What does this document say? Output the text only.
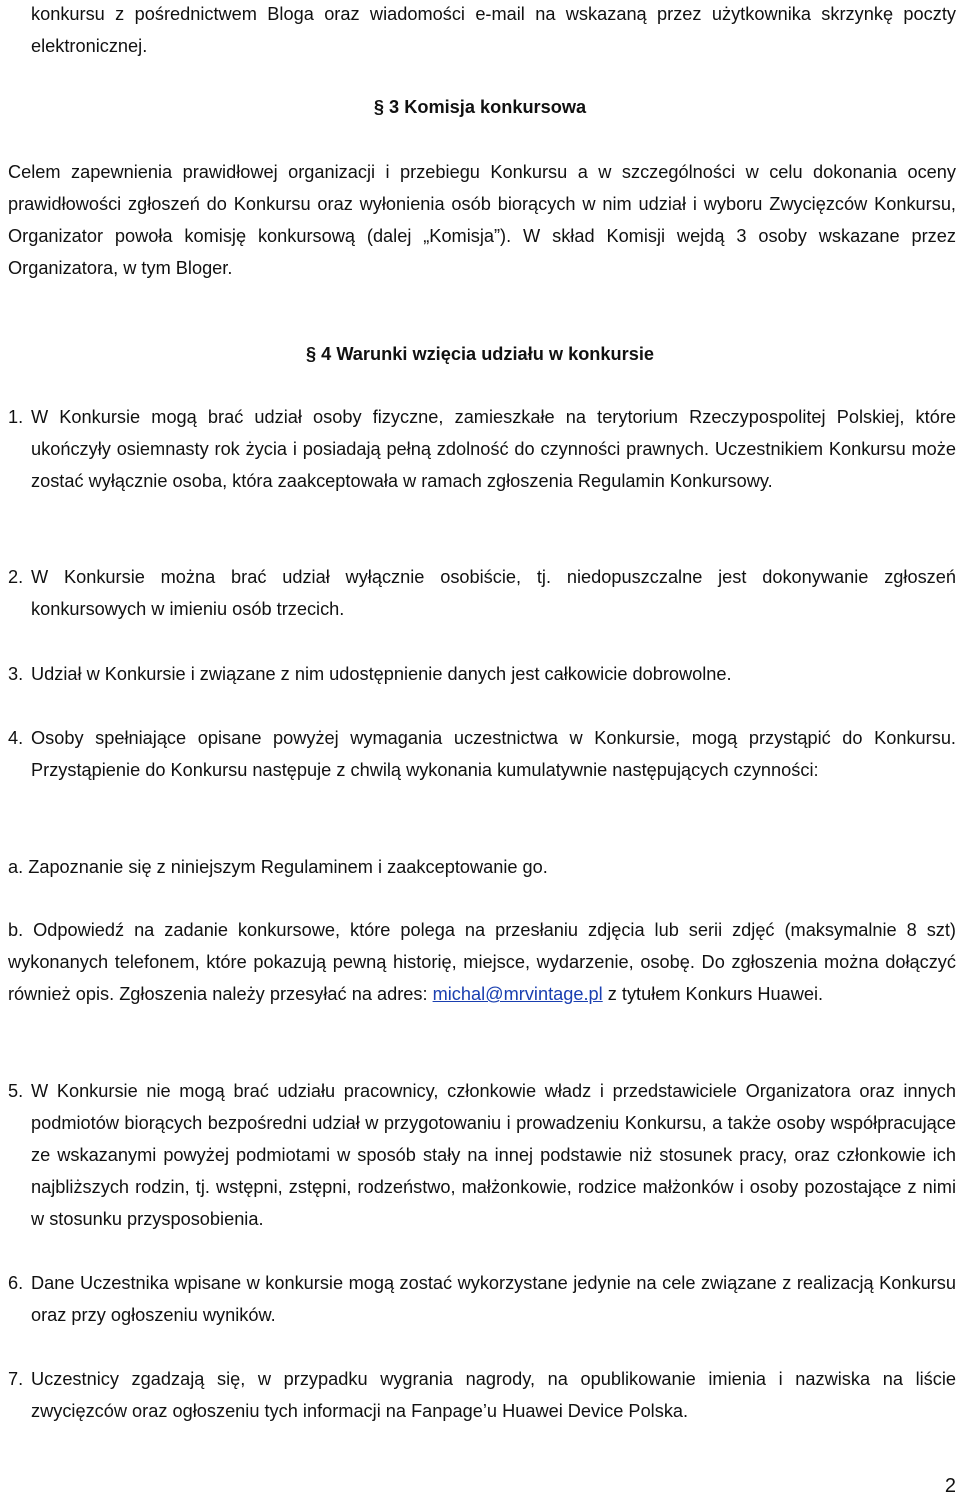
konkursu z pośrednictwem Bloga oraz wiadomości e-mail na wskazaną przez użytkownika skrzynkę poczty elektronicznej.

§ 3 Komisja konkursowa

Celem zapewnienia prawidłowej organizacji i przebiegu Konkursu a w szczególności w celu dokonania oceny prawidłowości zgłoszeń do Konkursu oraz wyłonienia osób biorących w nim udział i wyboru Zwycięzców Konkursu, Organizator powoła komisję konkursową (dalej „Komisja”). W skład Komisji wejdą 3 osoby wskazane przez Organizatora, w tym Bloger.

§ 4 Warunki wzięcia udziału w konkursie
1. W Konkursie mogą brać udział osoby fizyczne, zamieszkałe na terytorium Rzeczypospolitej Polskiej, które ukończyły osiemnasty rok życia i posiadają pełną zdolność do czynności prawnych. Uczestnikiem Konkursu może zostać wyłącznie osoba, która zaakceptowała w ramach zgłoszenia Regulamin Konkursowy.
2. W Konkursie można brać udział wyłącznie osobiście, tj. niedopuszczalne jest dokonywanie zgłoszeń konkursowych w imieniu osób trzecich.
3. Udział w Konkursie i związane z nim udostępnienie danych jest całkowicie dobrowolne.
4. Osoby spełniające opisane powyżej wymagania uczestnictwa w Konkursie, mogą przystąpić do Konkursu. Przystąpienie do Konkursu następuje z chwilą wykonania kumulatywnie następujących czynności:

a. Zapoznanie się z niniejszym Regulaminem i zaakceptowanie go.

b. Odpowiedź na zadanie konkursowe, które polega na przesłaniu zdjęcia lub serii zdjęć (maksymalnie 8 szt) wykonanych telefonem, które pokazują pewną historię, miejsce, wydarzenie, osobę. Do zgłoszenia można dołączyć również opis. Zgłoszenia należy przesyłać na adres: michal@mrvintage.pl z tytułem Konkurs Huawei.

5. W Konkursie nie mogą brać udziału pracownicy, członkowie władz i przedstawiciele Organizatora oraz innych podmiotów biorących bezpośredni udział w przygotowaniu i prowadzeniu Konkursu, a także osoby współpracujące ze wskazanymi powyżej podmiotami w sposób stały na innej podstawie niż stosunek pracy, oraz członkowie ich najbliższych rodzin, tj. wstępni, zstępni, rodzeństwo, małżonkowie, rodzice małżonków i osoby pozostające z nimi w stosunku przysposobienia.
6. Dane Uczestnika wpisane w konkursie mogą zostać wykorzystane jedynie na cele związane z realizacją Konkursu oraz przy ogłoszeniu wyników.
7. Uczestnicy zgadzają się, w przypadku wygrania nagrody, na opublikowanie imienia i nazwiska na liście zwycięzców oraz ogłoszeniu tych informacji na Fanpage’u Huawei Device Polska.
2
